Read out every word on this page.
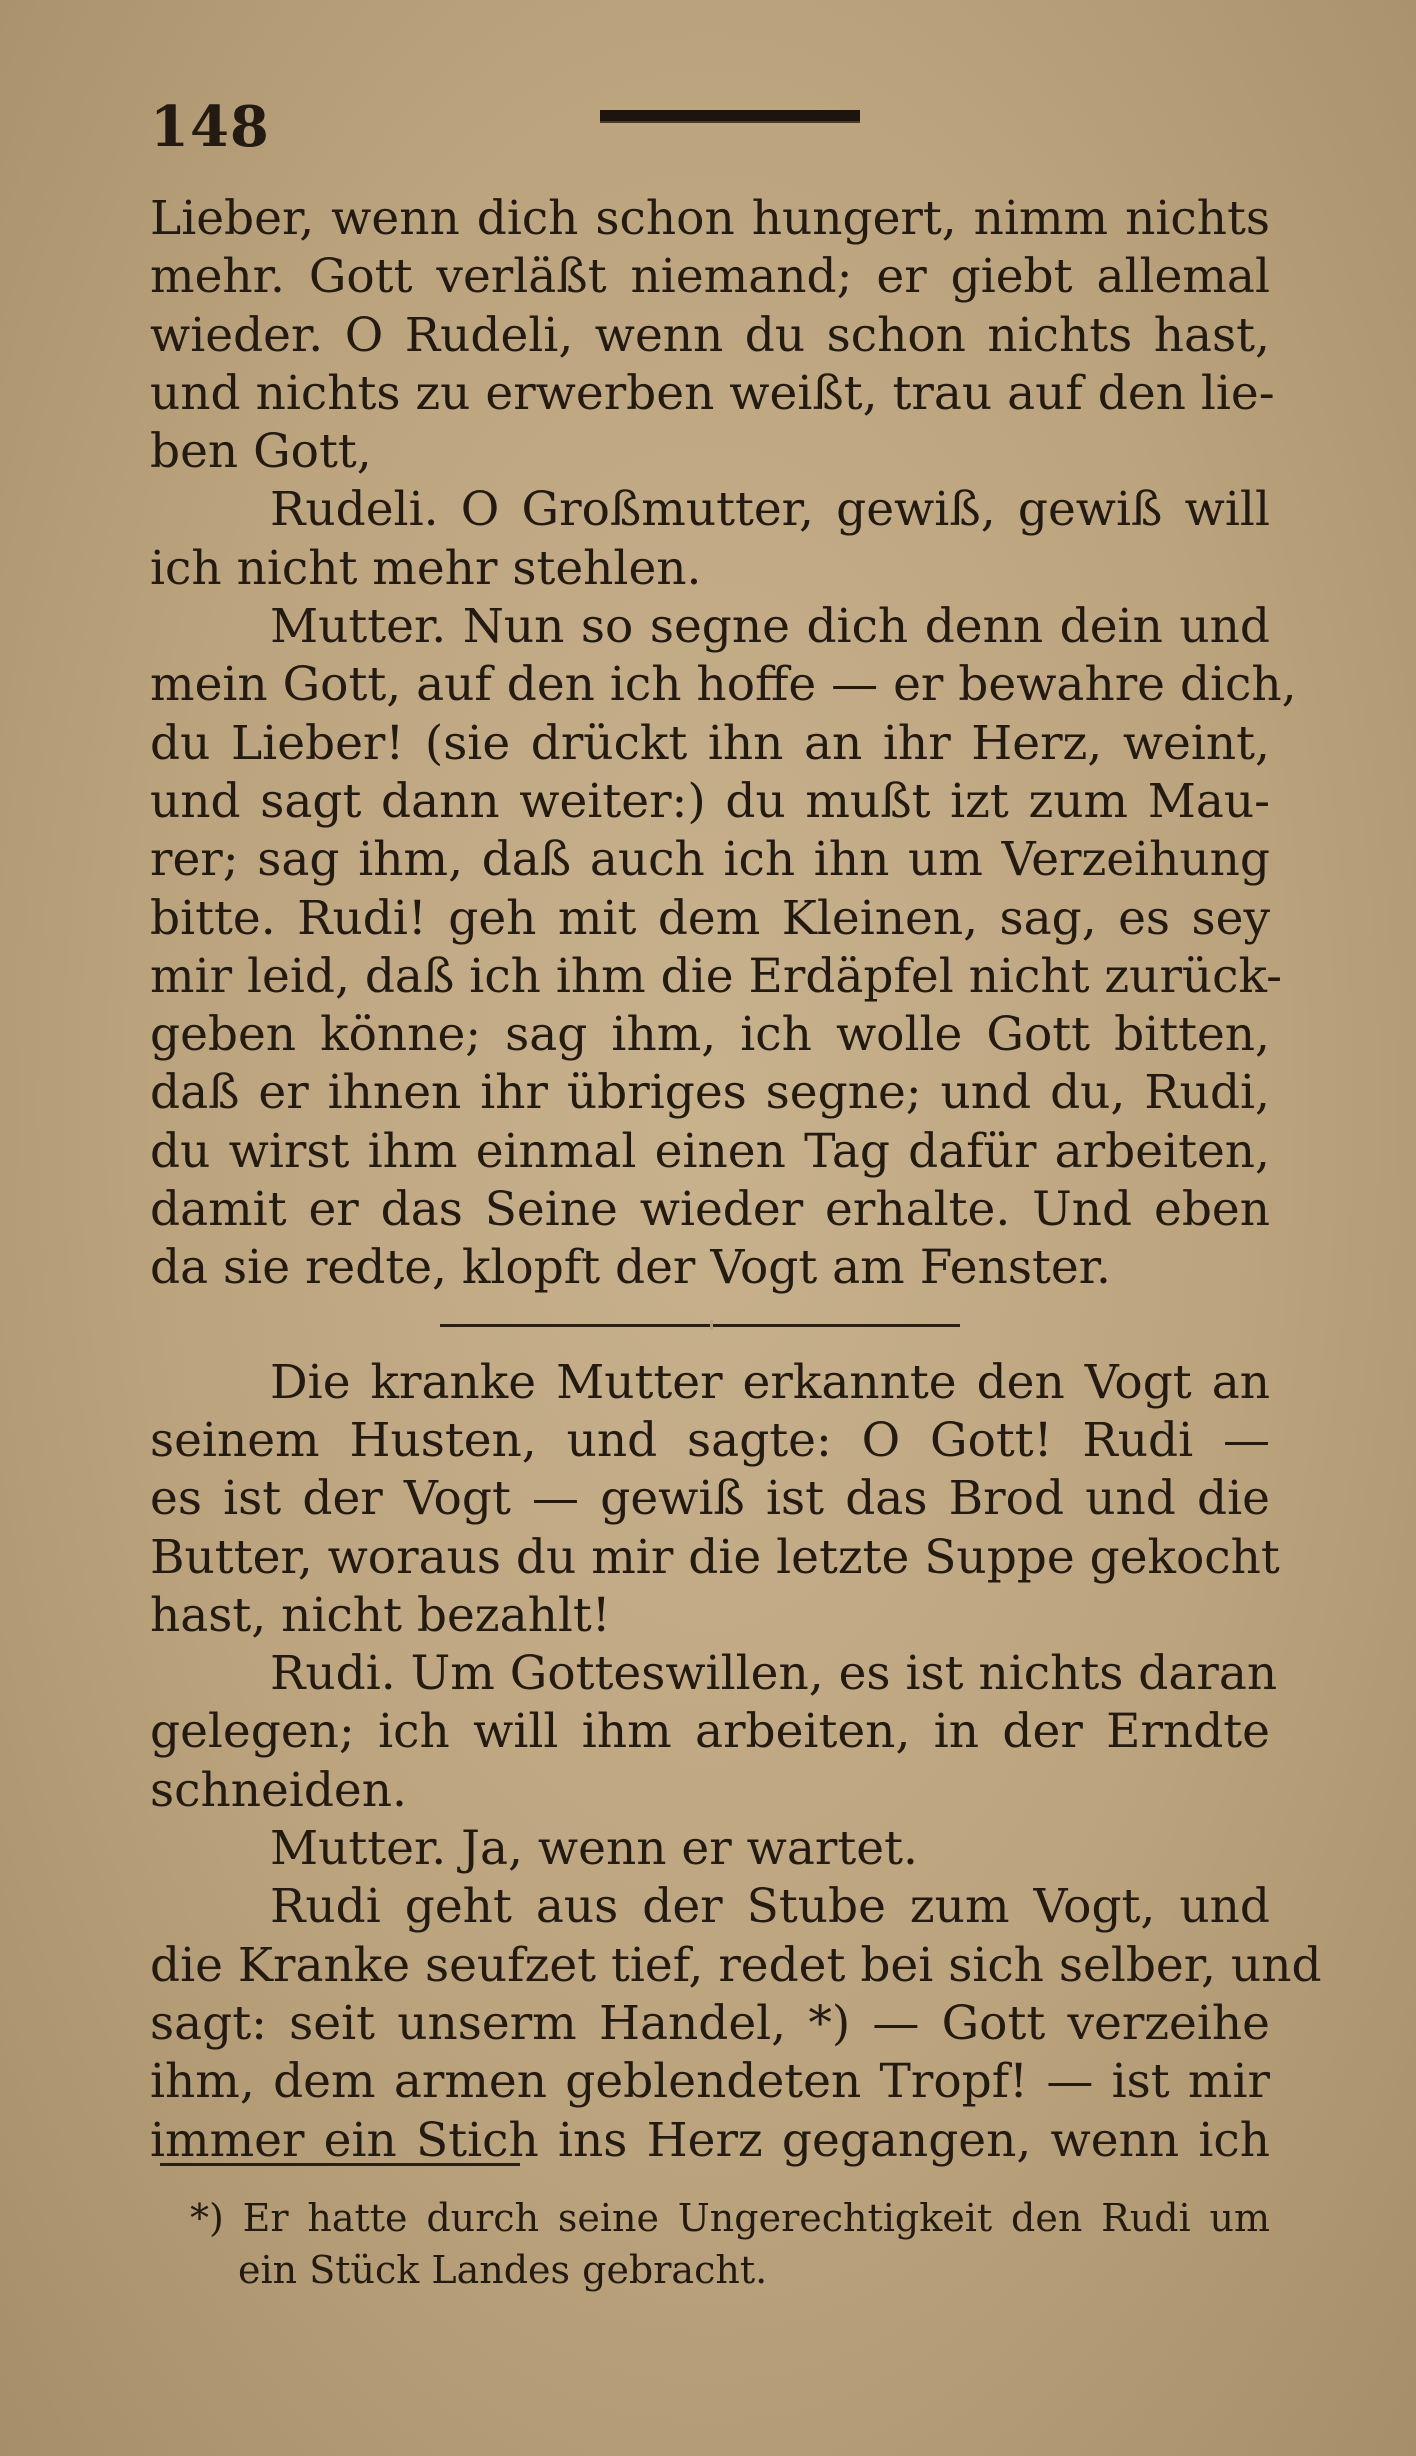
148
Lieber, wenn dich schon hungert, nimm nichts
mehr. Gott verläßt niemand; er giebt allemal
wieder. O Rudeli, wenn du schon nichts hast,
und nichts zu erwerben weißt, trau auf den lie-
ben Gott,
Rudeli. O Großmutter, gewiß, gewiß will
ich nicht mehr stehlen.
Mutter. Nun so segne dich denn dein und
mein Gott, auf den ich hoffe — er bewahre dich,
du Lieber! (sie drückt ihn an ihr Herz, weint,
und sagt dann weiter:) du mußt izt zum Mau-
rer; sag ihm, daß auch ich ihn um Verzeihung
bitte. Rudi! geh mit dem Kleinen, sag, es sey
mir leid, daß ich ihm die Erdäpfel nicht zurück-
geben könne; sag ihm, ich wolle Gott bitten,
daß er ihnen ihr übriges segne; und du, Rudi,
du wirst ihm einmal einen Tag dafür arbeiten,
damit er das Seine wieder erhalte. Und eben
da sie redte, klopft der Vogt am Fenster.
Die kranke Mutter erkannte den Vogt an
seinem Husten, und sagte: O Gott! Rudi —
es ist der Vogt — gewiß ist das Brod und die
Butter, woraus du mir die letzte Suppe gekocht
hast, nicht bezahlt!
Rudi. Um Gotteswillen, es ist nichts daran
gelegen; ich will ihm arbeiten, in der Erndte
schneiden.
Mutter. Ja, wenn er wartet.
Rudi geht aus der Stube zum Vogt, und
die Kranke seufzet tief, redet bei sich selber, und
sagt: seit unserm Handel, *) — Gott verzeihe
ihm, dem armen geblendeten Tropf! — ist mir
immer ein Stich ins Herz gegangen, wenn ich
*) Er hatte durch seine Ungerechtigkeit den Rudi um
ein Stück Landes gebracht.
